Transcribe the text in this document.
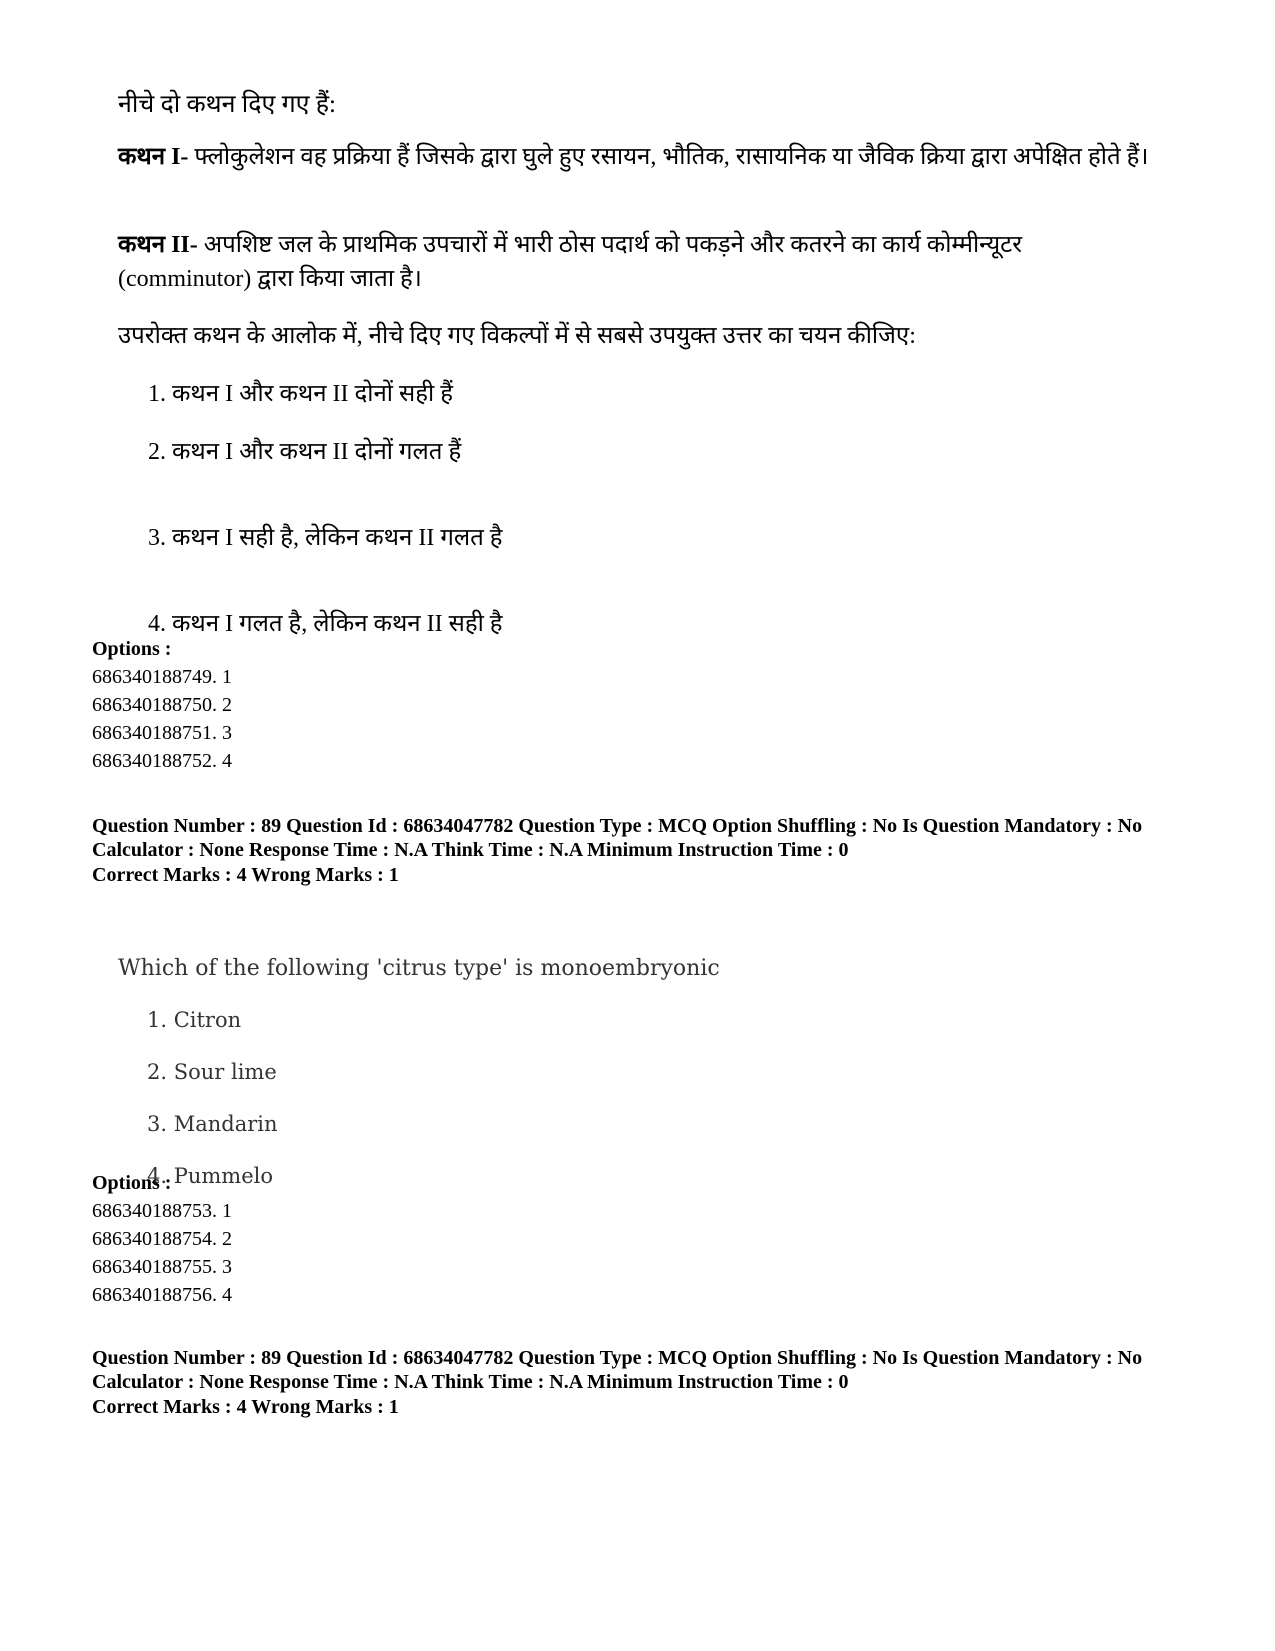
नीचे दो कथन दिए गए हैं:
कथन I- फ्लोकुलेशन वह प्रक्रिया हैं जिसके द्वारा घुले हुए रसायन, भौतिक, रासायनिक या जैविक क्रिया द्वारा अपेक्षित होते हैं।
कथन II- अपशिष्ट जल के प्राथमिक उपचारों में भारी ठोस पदार्थ को पकड़ने और कतरने का कार्य कोम्मीन्यूटर (comminutor) द्वारा किया जाता है।
उपरोक्त कथन के आलोक में, नीचे दिए गए विकल्पों में से सबसे उपयुक्त उत्तर का चयन कीजिए:
1. कथन I और कथन II दोनों सही हैं
2. कथन I और कथन II दोनों गलत हैं
3. कथन I सही है, लेकिन कथन II गलत है
4. कथन I गलत है, लेकिन कथन II सही है
Options :
686340188749. 1
686340188750. 2
686340188751. 3
686340188752. 4
Question Number : 89 Question Id : 68634047782 Question Type : MCQ Option Shuffling : No Is Question Mandatory : No Calculator : None Response Time : N.A Think Time : N.A Minimum Instruction Time : 0
Correct Marks : 4 Wrong Marks : 1
Which of the following 'citrus type' is monoembryonic
1. Citron
2. Sour lime
3. Mandarin
4. Pummelo
Options :
686340188753. 1
686340188754. 2
686340188755. 3
686340188756. 4
Question Number : 89 Question Id : 68634047782 Question Type : MCQ Option Shuffling : No Is Question Mandatory : No Calculator : None Response Time : N.A Think Time : N.A Minimum Instruction Time : 0
Correct Marks : 4 Wrong Marks : 1
